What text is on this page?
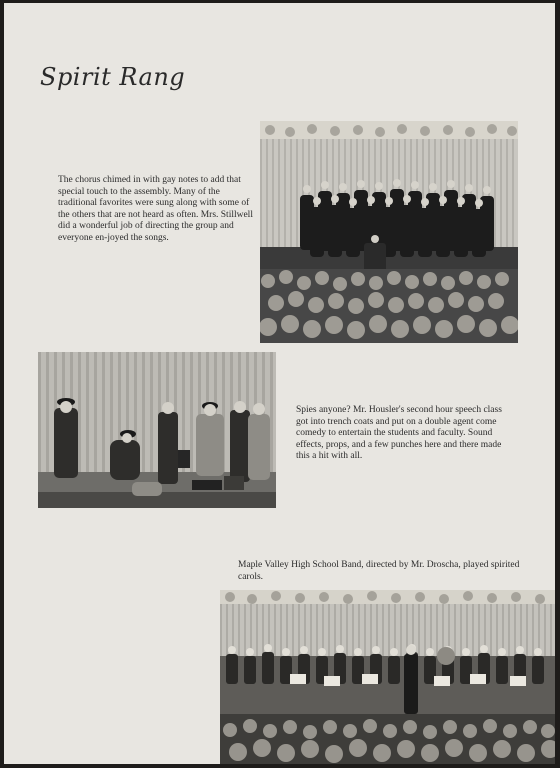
Spirit Rang

The chorus chimed in with gay notes to add that special touch to the assembly. Many of the traditional favorites were sung along with some of the others that are not heard as often. Mrs. Stillwell did a wonderful job of directing the group and everyone en-joyed the songs.

Spies anyone? Mr. Housler's second hour speech class got into trench coats and put on a double agent come comedy to entertain the students and faculty. Sound effects, props, and a few punches here and there made this a hit with all.

Maple Valley High School Band, directed by Mr. Droscha, played spirited carols.
